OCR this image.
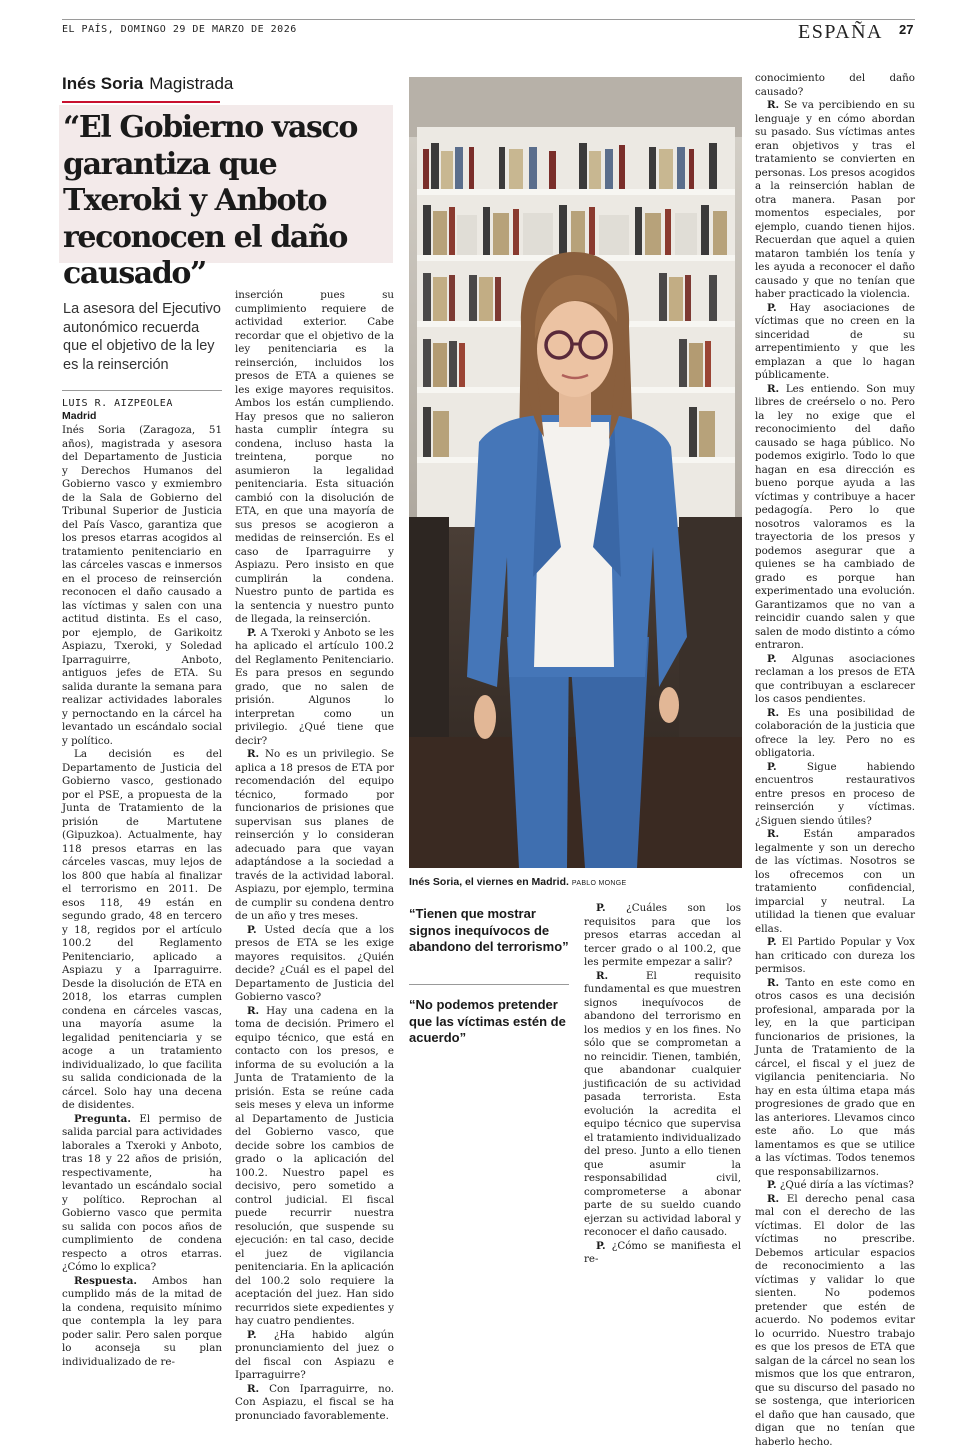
EL PAÍS, DOMINGO 29 DE MARZO DE 2026	ESPAÑA 27
Inés Soria Magistrada
“El Gobierno vasco garantiza que Txeroki y Anboto reconocen el daño causado”
La asesora del Ejecutivo autonómico recuerda que el objetivo de la ley es la reinserción
LUIS R. AIZPEOLEA
Madrid

Inés Soria (Zaragoza, 51 años), magistrada y asesora del Departamento de Justicia y Derechos Humanos del Gobierno vasco y exmiembro de la Sala de Gobierno del Tribunal Superior de Justicia del País Vasco, garantiza que los presos etarras acogidos al tratamiento penitenciario en las cárceles vascas e inmersos en el proceso de reinserción reconocen el daño causado a las víctimas y salen con una actitud distinta. Es el caso, por ejemplo, de Garikoitz Aspiazu, Txeroki, y Soledad Iparraguirre, Anboto, antiguos jefes de ETA. Su salida durante la semana para realizar actividades laborales y pernoctando en la cárcel ha levantado un escándalo social y político.

La decisión es del Departamento de Justicia del Gobierno vasco, gestionado por el PSE, a propuesta de la Junta de Tratamiento de la prisión de Martutene (Gipuzkoa). Actualmente, hay 118 presos etarras en las cárceles vascas, muy lejos de los 800 que había al finalizar el terrorismo en 2011. De esos 118, 49 están en segundo grado, 48 en tercero y 18, regidos por el artículo 100.2 del Reglamento Penitenciario, aplicado a Aspiazu y a Iparraguirre. Desde la disolución de ETA en 2018, los etarras cumplen condena en cárceles vascas, una mayoría asume la legalidad penitenciaria y se acoge a un tratamiento individualizado, lo que facilita su salida condicionada de la cárcel. Solo hay una decena de disidentes.

Pregunta. El permiso de salida parcial para actividades laborales a Txeroki y Anboto, tras 18 y 22 años de prisión, respectivamente, ha levantado un escándalo social y político. Reprochan al Gobierno vasco que permita su salida con pocos años de cumplimiento de condena respecto a otros etarras. ¿Cómo lo explica?

Respuesta. Ambos han cumplido más de la mitad de la condena, requisito mínimo que contempla la ley para poder salir. Pero salen porque lo aconseja su plan individualizado de re-

inserción pues su cumplimiento requiere de actividad exterior. Cabe recordar que el objetivo de la ley penitenciaria es la reinserción, incluidos los presos de ETA a quienes se les exige mayores requisitos. Ambos los están cumpliendo. Hay presos que no salieron hasta cumplir íntegra su condena, incluso hasta la treintena, porque no asumieron la legalidad penitenciaria. Esta situación cambió con la disolución de ETA, en que una mayoría de sus presos se acogieron a medidas de reinserción. Es el caso de Iparraguirre y Aspiazu. Pero insisto en que cumplirán la condena. Nuestro punto de partida es la sentencia y nuestro punto de llegada, la reinserción.

P. A Txeroki y Anboto se les ha aplicado el artículo 100.2 del Reglamento Penitenciario. Es para presos en segundo grado, que no salen de prisión. Algunos lo interpretan como un privilegio. ¿Qué tiene que decir?

R. No es un privilegio. Se aplica a 18 presos de ETA por recomendación del equipo técnico, formado por funcionarios de prisiones que supervisan sus planes de reinserción y lo consideran adecuado para que vayan adaptándose a la sociedad a través de la actividad laboral. Aspiazu, por ejemplo, termina de cumplir su condena dentro de un año y tres meses.

P. Usted decía que a los presos de ETA se les exige mayores requisitos. ¿Quién decide? ¿Cuál es el papel del Departamento de Justicia del Gobierno vasco?

R. Hay una cadena en la toma de decisión. Primero el equipo técnico, que está en contacto con los presos, e informa de su evolución a la Junta de Tratamiento de la prisión. Esta se reúne cada seis meses y eleva un informe al Departamento de Justicia del Gobierno vasco, que decide sobre los cambios de grado o la aplicación del 100.2. Nuestro papel es decisivo, pero sometido a control judicial. El fiscal puede recurrir nuestra resolución, que suspende su ejecución: en tal caso, decide el juez de vigilancia penitenciaria. En la aplicación del 100.2 solo requiere la aceptación del juez. Han sido recurridos siete expedientes y hay cuatro pendientes.

P. ¿Ha habido algún pronunciamiento del juez o del fiscal con Aspiazu e Iparraguirre?

R. Con Iparraguirre, no. Con Aspiazu, el fiscal se ha pronunciado favorablemente.

Inés Soria, el viernes en Madrid. PABLO MONGE
“Tienen que mostrar signos inequívocos de abandono del terrorismo”
“No podemos pretender que las víctimas estén de acuerdo”

P. ¿Cuáles son los requisitos para que los presos etarras accedan al tercer grado o al 100.2, que les permite empezar a salir?

R.	El requisito fundamental es que muestren signos inequívocos de abandono del terrorismo en los medios y en los fines. No sólo que se comprometan a no reincidir. Tienen, también, que abandonar cualquier justificación de su actividad pasada terrorista. Esta evolución la acredita el equipo técnico que supervisa el tratamiento individualizado del preso. Junto a ello tienen que asumir la responsabilidad civil, comprometerse a abonar parte de su sueldo cuando ejerzan su actividad laboral y reconocer el daño causado.

P. ¿Cómo se manifiesta el re-

conocimiento del daño causado?

R. Se va percibiendo en su lenguaje y en cómo abordan su pasado. Sus víctimas antes eran objetivos y tras el tratamiento se convierten en personas. Los presos acogidos a la reinserción hablan de otra manera. Pasan por momentos especiales, por ejemplo, cuando tienen hijos. Recuerdan que aquel a quien mataron también los tenía y les ayuda a reconocer el daño causado y que no tenían que haber practicado la violencia.

P. Hay asociaciones de víctimas que no creen en la sinceridad de su arrepentimiento y que les emplazan a que lo hagan públicamente.

R. Les entiendo. Son muy libres de creérselo o no. Pero la ley no exige que el reconocimiento del daño causado se haga público. No podemos exigirlo. Todo lo que hagan en esa dirección es bueno porque ayuda a las víctimas y contribuye a hacer pedagogía. Pero lo que nosotros valoramos es la trayectoria de los presos y podemos asegurar que a quienes se ha cambiado de grado es porque han experimentado una evolución. Garantizamos que no van a reincidir cuando salen y que salen de modo distinto a cómo entraron.

P. Algunas asociaciones reclaman a los presos de ETA que contribuyan a esclarecer los casos pendientes.

R. Es una posibilidad de colaboración de la justicia que ofrece la ley. Pero no es obligatoria.

P.	Sigue habiendo encuentros restaurativos entre presos en proceso de reinserción y víctimas. ¿Siguen siendo útiles?

R. Están amparados legalmente y son un derecho de las víctimas. Nosotros se los ofrecemos con un tratamiento confidencial, imparcial y neutral. La utilidad la tienen que evaluar ellas.

P. El Partido Popular y Vox han criticado con dureza los permisos.

R. Tanto en este como en otros casos es una decisión profesional, amparada por la ley, en la que participan funcionarios de prisiones, la Junta de Tratamiento de la cárcel, el fiscal y el juez de vigilancia penitenciaria. No hay en esta última etapa más progresiones de grado que en las anteriores. Llevamos cinco este año. Lo que más lamentamos es que se utilice a las víctimas. Todos tenemos que responsabilizarnos.

P. ¿Qué diría a las víctimas?

R. El derecho penal casa mal con el derecho de las víctimas. El dolor de las víctimas no prescribe. Debemos articular espacios de reconocimiento a las víctimas y validar lo que sienten. No podemos pretender que estén de acuerdo. No podemos evitar lo ocurrido. Nuestro trabajo es que los presos de ETA que salgan de la cárcel no sean los mismos que los que entraron, que su discurso del pasado no se sostenga, que interioricen el daño que han causado, que digan que no tenían que haberlo hecho.
